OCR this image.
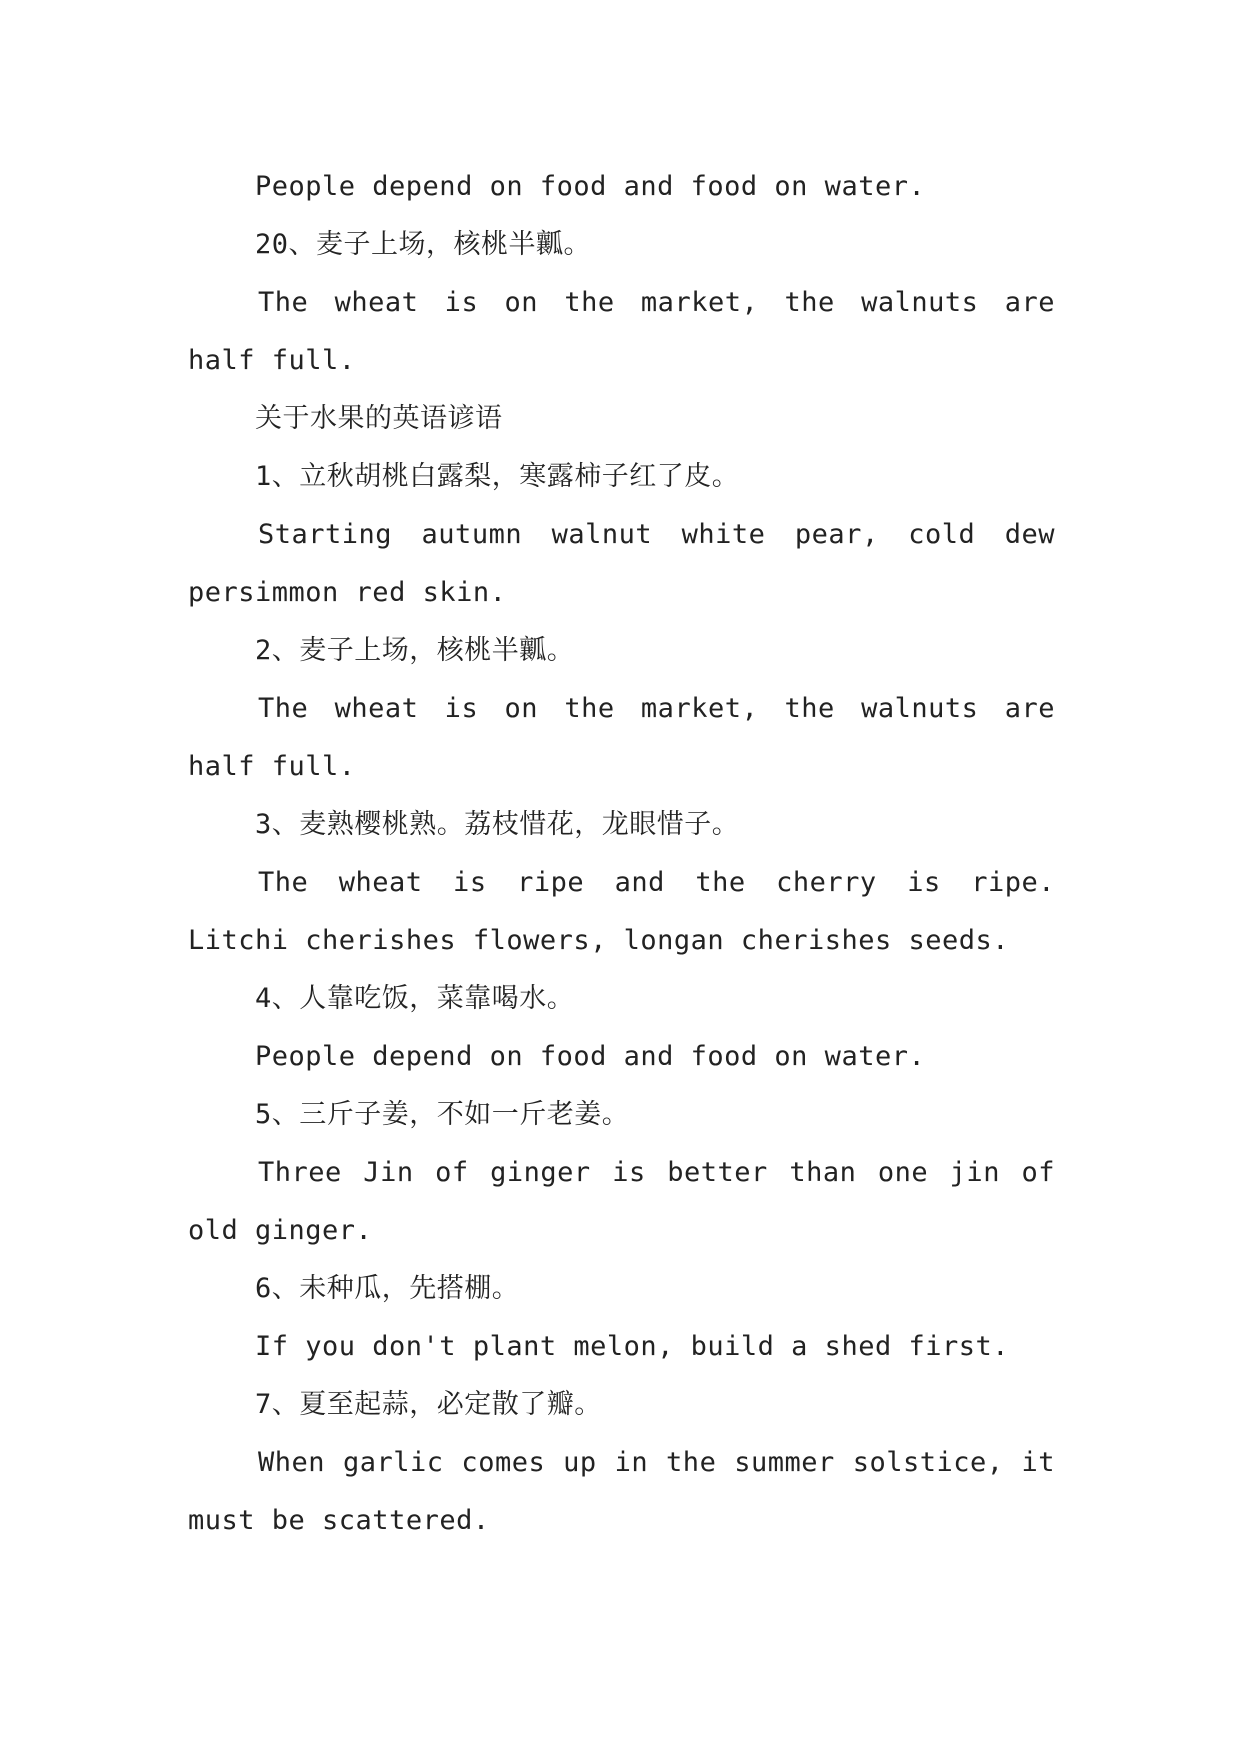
People depend on food and food on water.
20、麦子上场，核桃半瓤。
The wheat is on the market, the walnuts are
half full.
关于水果的英语谚语
1、立秋胡桃白露梨，寒露柿子红了皮。
Starting autumn walnut white pear, cold dew
persimmon red skin.
2、麦子上场，核桃半瓤。
The wheat is on the market, the walnuts are
half full.
3、麦熟樱桃熟。荔枝惜花，龙眼惜子。
The wheat is ripe and the cherry is ripe.
Litchi cherishes flowers, longan cherishes seeds.
4、人靠吃饭，菜靠喝水。
People depend on food and food on water.
5、三斤子姜，不如一斤老姜。
Three Jin of ginger is better than one jin of
old ginger.
6、未种瓜，先搭棚。
If you don't plant melon, build a shed first.
7、夏至起蒜，必定散了瓣。
When garlic comes up in the summer solstice, it
must be scattered.
